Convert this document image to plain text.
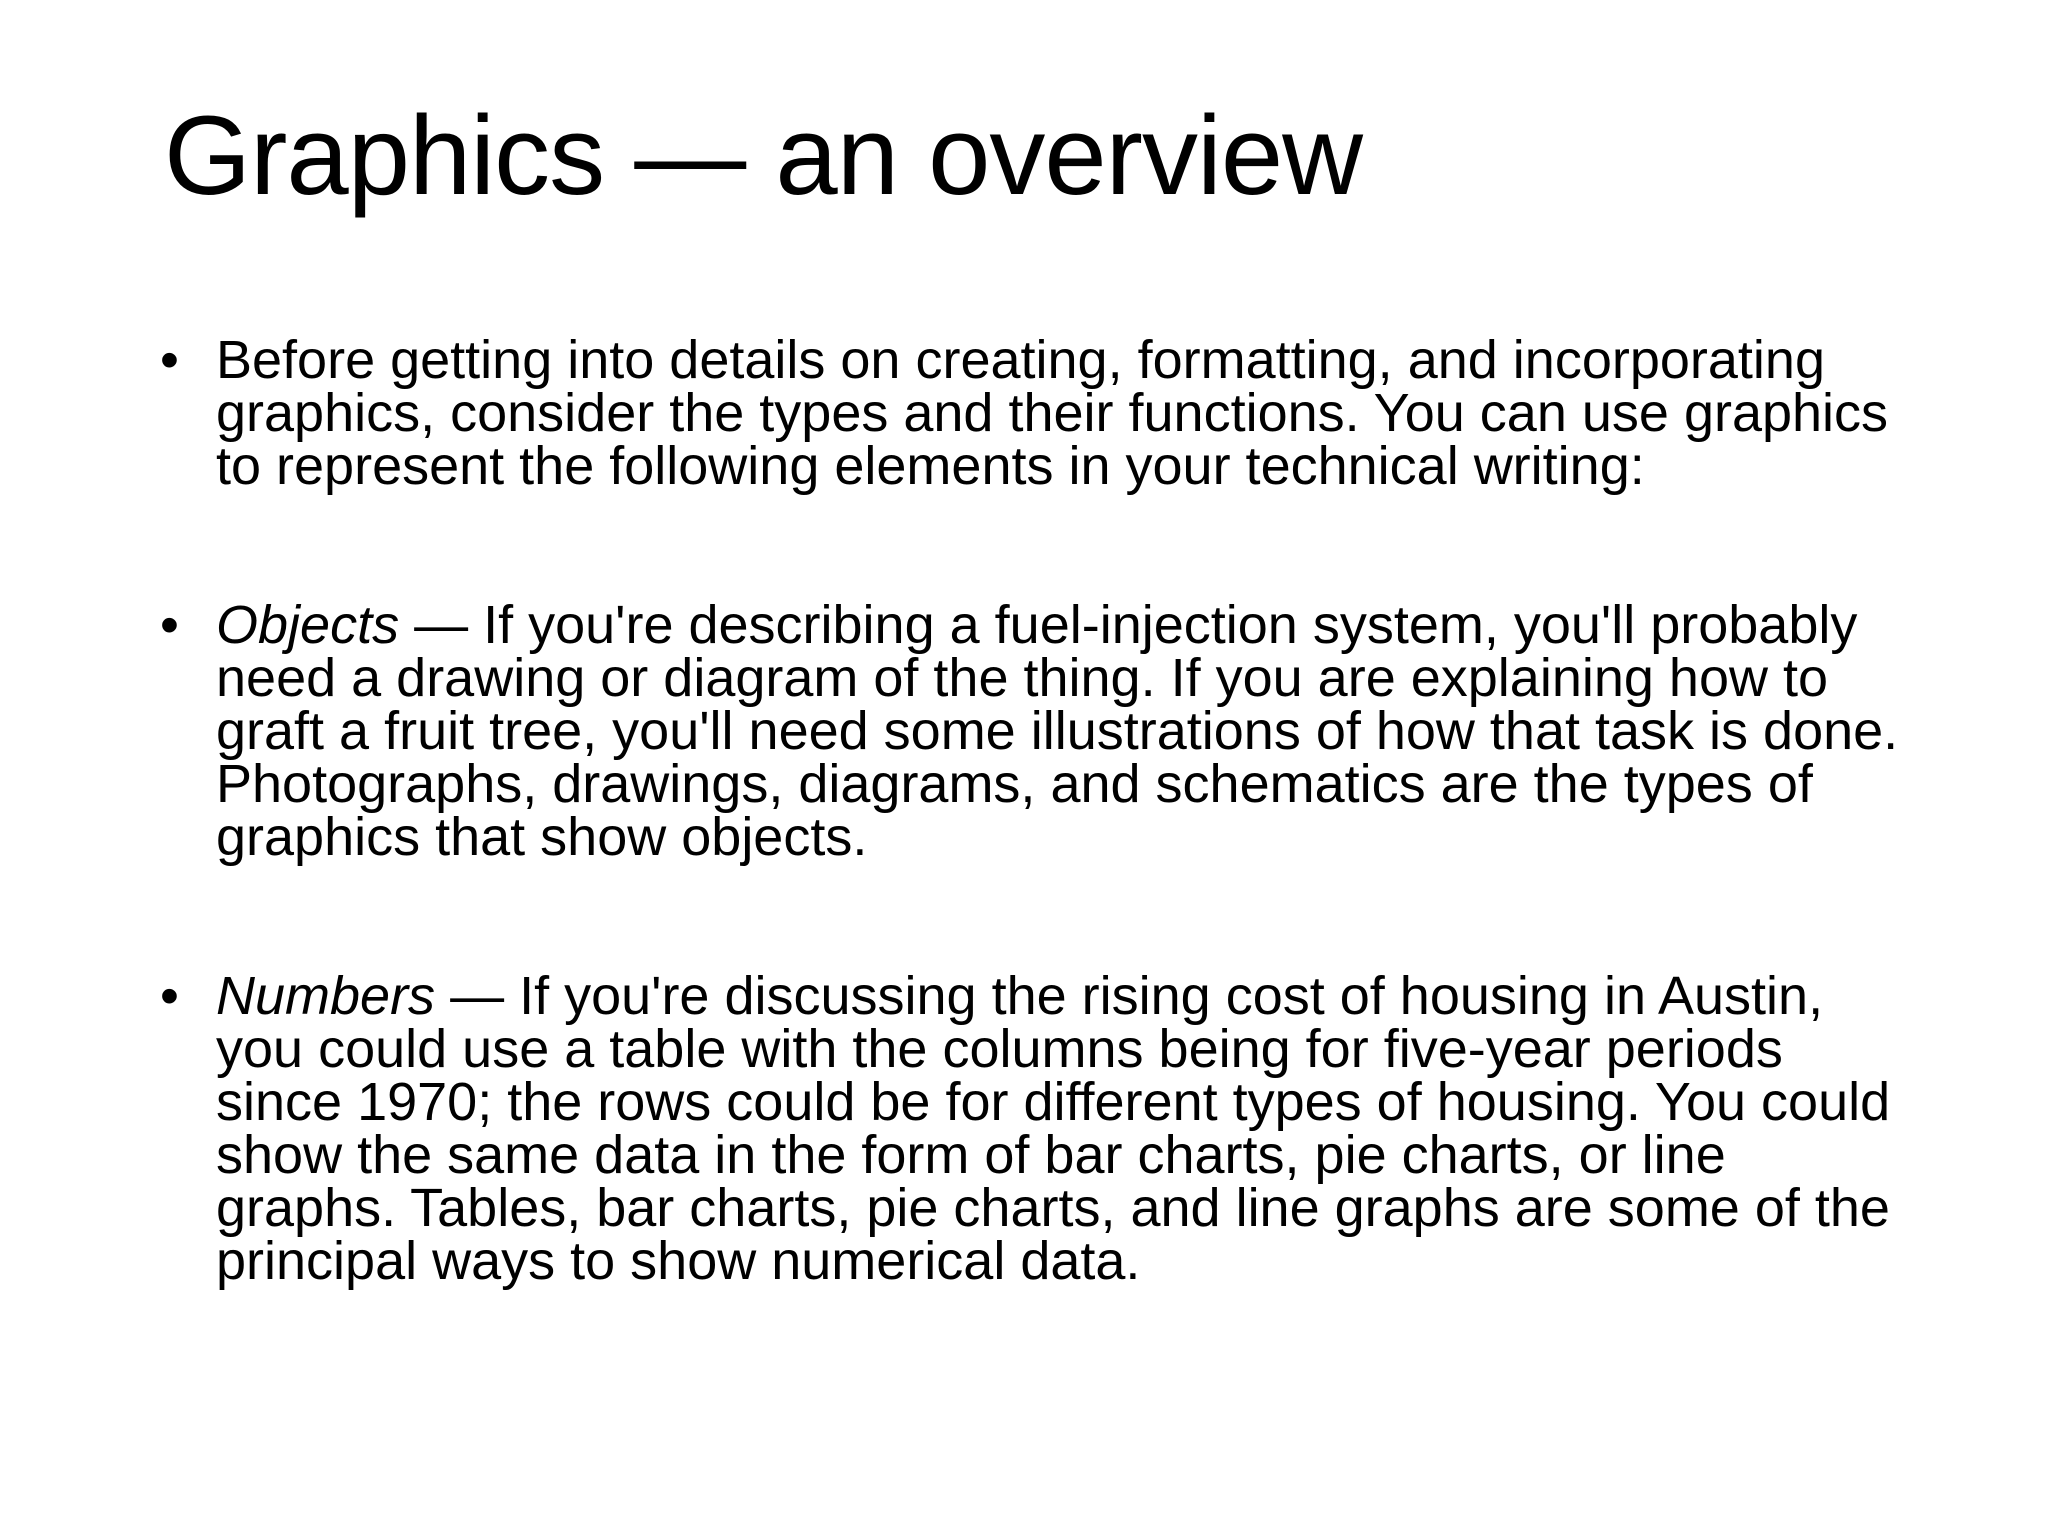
Graphics — an overview
• Before getting into details on creating, formatting, and incorporating graphics, consider the types and their functions. You can use graphics to represent the following elements in your technical writing:
• Objects — If you're describing a fuel-injection system, you'll probably need a drawing or diagram of the thing. If you are explaining how to graft a fruit tree, you'll need some illustrations of how that task is done. Photographs, drawings, diagrams, and schematics are the types of graphics that show objects.
• Numbers — If you're discussing the rising cost of housing in Austin, you could use a table with the columns being for five-year periods since 1970; the rows could be for different types of housing. You could show the same data in the form of bar charts, pie charts, or line graphs. Tables, bar charts, pie charts, and line graphs are some of the principal ways to show numerical data.
